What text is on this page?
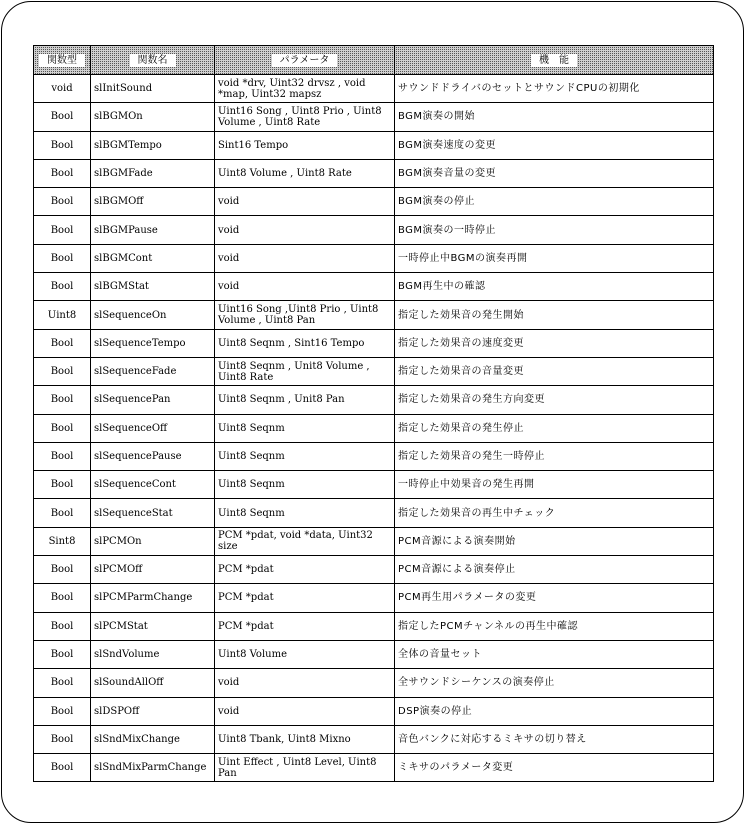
関数型	関数名	パラメータ	機　能
void	slInitSound	void *drv, Uint32 drvsz , void *map, Uint32 mapsz	サウンドドライバのセットとサウンドCPUの初期化
Bool	slBGMOn	Uint16 Song , Uint8 Prio , Uint8 Volume , Uint8 Rate	BGM演奏の開始
Bool	slBGMTempo	Sint16 Tempo	BGM演奏速度の変更
Bool	slBGMFade	Uint8 Volume , Uint8 Rate	BGM演奏音量の変更
Bool	slBGMOff	void	BGM演奏の停止
Bool	slBGMPause	void	BGM演奏の一時停止
Bool	slBGMCont	void	一時停止中BGMの演奏再開
Bool	slBGMStat	void	BGM再生中の確認
Uint8	slSequenceOn	Uint16 Song ,Uint8 Prio , Uint8 Volume , Uint8 Pan	指定した効果音の発生開始
Bool	slSequenceTempo	Uint8 Seqnm , Sint16 Tempo	指定した効果音の速度変更
Bool	slSequenceFade	Uint8 Seqnm , Unit8 Volume , Uint8 Rate	指定した効果音の音量変更
Bool	slSequencePan	Uint8 Seqnm , Unit8 Pan	指定した効果音の発生方向変更
Bool	slSequenceOff	Uint8 Seqnm	指定した効果音の発生停止
Bool	slSequencePause	Uint8 Seqnm	指定した効果音の発生一時停止
Bool	slSequenceCont	Uint8 Seqnm	一時停止中効果音の発生再開
Bool	slSequenceStat	Uint8 Seqnm	指定した効果音の再生中チェック
Sint8	slPCMOn	PCM *pdat, void *data, Uint32 size	PCM音源による演奏開始
Bool	slPCMOff	PCM *pdat	PCM音源による演奏停止
Bool	slPCMParmChange	PCM *pdat	PCM再生用パラメータの変更
Bool	slPCMStat	PCM *pdat	指定したPCMチャンネルの再生中確認
Bool	slSndVolume	Uint8 Volume	全体の音量セット
Bool	slSoundAllOff	void	全サウンドシーケンスの演奏停止
Bool	slDSPOff	void	DSP演奏の停止
Bool	slSndMixChange	Uint8 Tbank, Uint8 Mixno	音色バンクに対応するミキサの切り替え
Bool	slSndMixParmChange	Uint Effect , Uint8 Level, Uint8 Pan	ミキサのパラメータ変更
